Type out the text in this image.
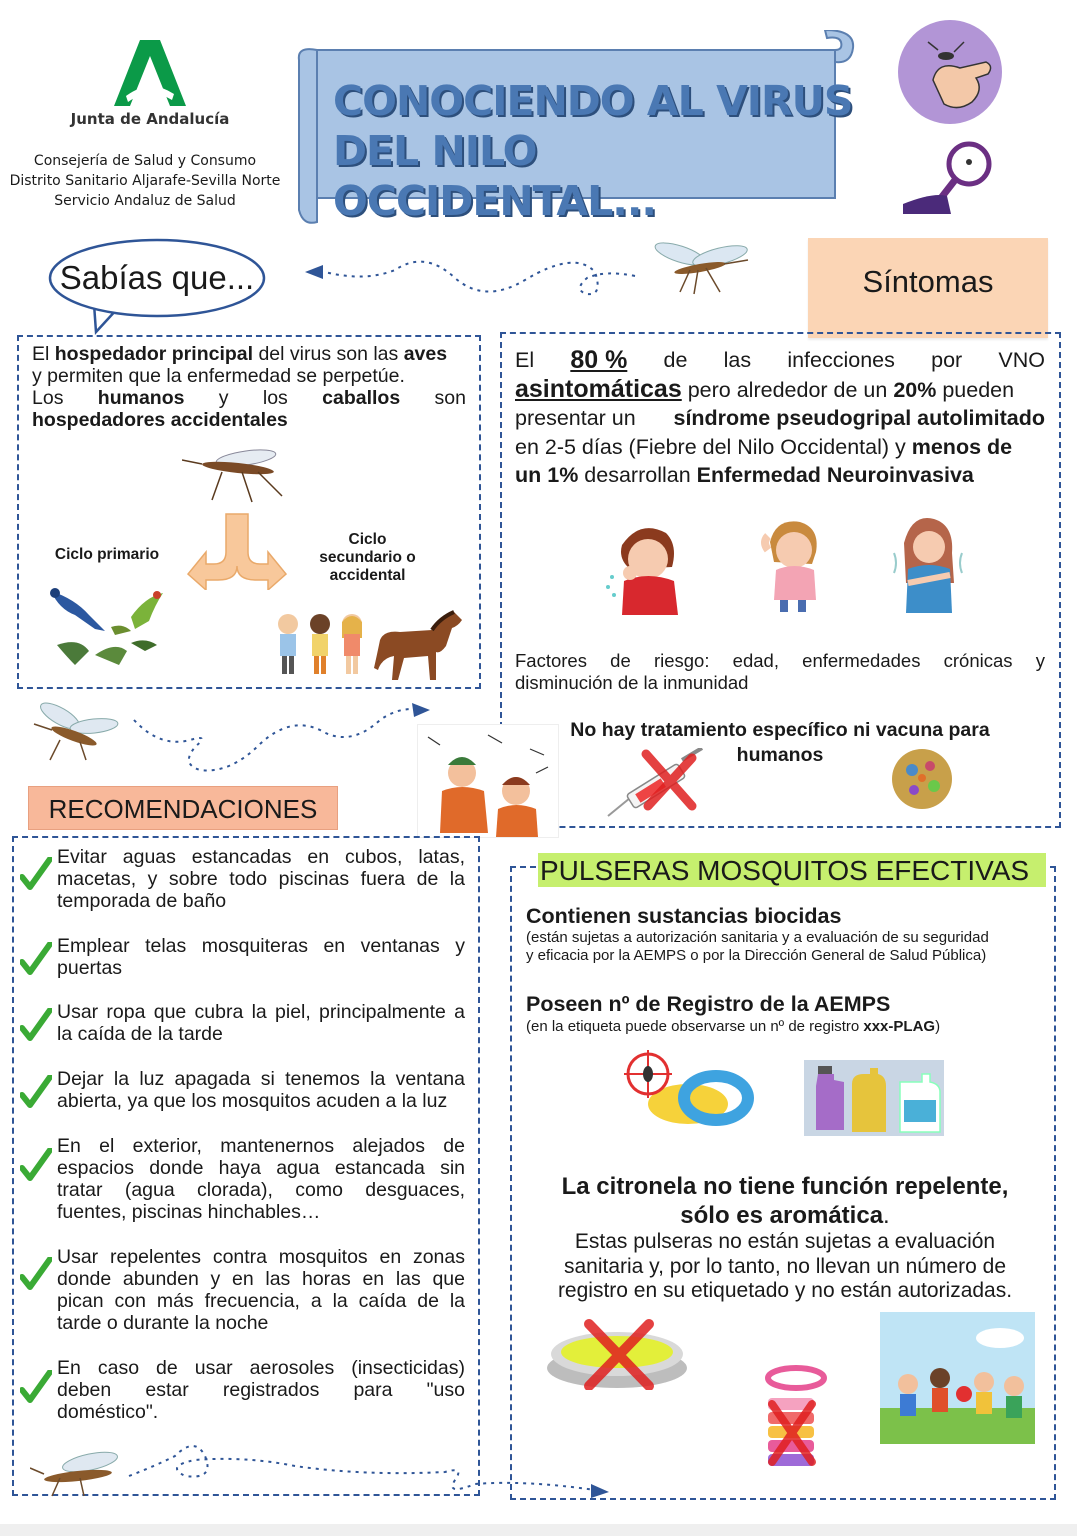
Junta de Andalucía
Consejería de Salud y Consumo
Distrito Sanitario Aljarafe-Sevilla Norte
Servicio Andaluz de Salud
CONOCIENDO AL VIRUS
DEL NILO OCCIDENTAL...
Sabías que...	Síntomas
El hospedador principal del virus son las aves
y permiten que la enfermedad se perpetúe.
Los humanos y los caballos son
hospedadores accidentales
Ciclo primario
Ciclo
secundario o
accidental
El 80 % de las infecciones por VNO
asintomáticas pero alrededor de un 20% pueden
presentar un síndrome pseudogripal autolimitado
en 2-5 días (Fiebre del Nilo Occidental) y menos de
un 1% desarrollan Enfermedad Neuroinvasiva
Factores de riesgo: edad, enfermedades crónicas y
disminución de la inmunidad
No hay tratamiento específico ni vacuna para
humanos
RECOMENDACIONES
Evitar aguas estancadas en cubos, latas,
macetas, y sobre todo piscinas fuera de la
temporada de baño
Emplear telas mosquiteras en ventanas y
puertas
Usar ropa que cubra la piel, principalmente a
la caída de la tarde
Dejar la luz apagada si tenemos la ventana
abierta, ya que los mosquitos acuden a la luz
En el exterior, mantenernos alejados de
espacios donde haya agua estancada sin
tratar (agua clorada), como desguaces,
fuentes, piscinas hinchables…
Usar repelentes contra mosquitos en zonas
donde abunden y en las horas en las que
pican con más frecuencia, a la caída de la
tarde o durante la noche
En caso de usar aerosoles (insecticidas)
deben estar registrados para "uso
doméstico".
PULSERAS MOSQUITOS EFECTIVAS
Contienen sustancias biocidas
(están sujetas a autorización sanitaria y a evaluación de su seguridad
y eficacia por la AEMPS o por la Dirección General de Salud Pública)
Poseen nº de Registro de la AEMPS
(en la etiqueta puede observarse un nº de registro xxx-PLAG)
La citronela no tiene función repelente,
sólo es aromática.
Estas pulseras no están sujetas a evaluación
sanitaria y, por lo tanto, no llevan un número de
registro en su etiquetado y no están autorizadas.
